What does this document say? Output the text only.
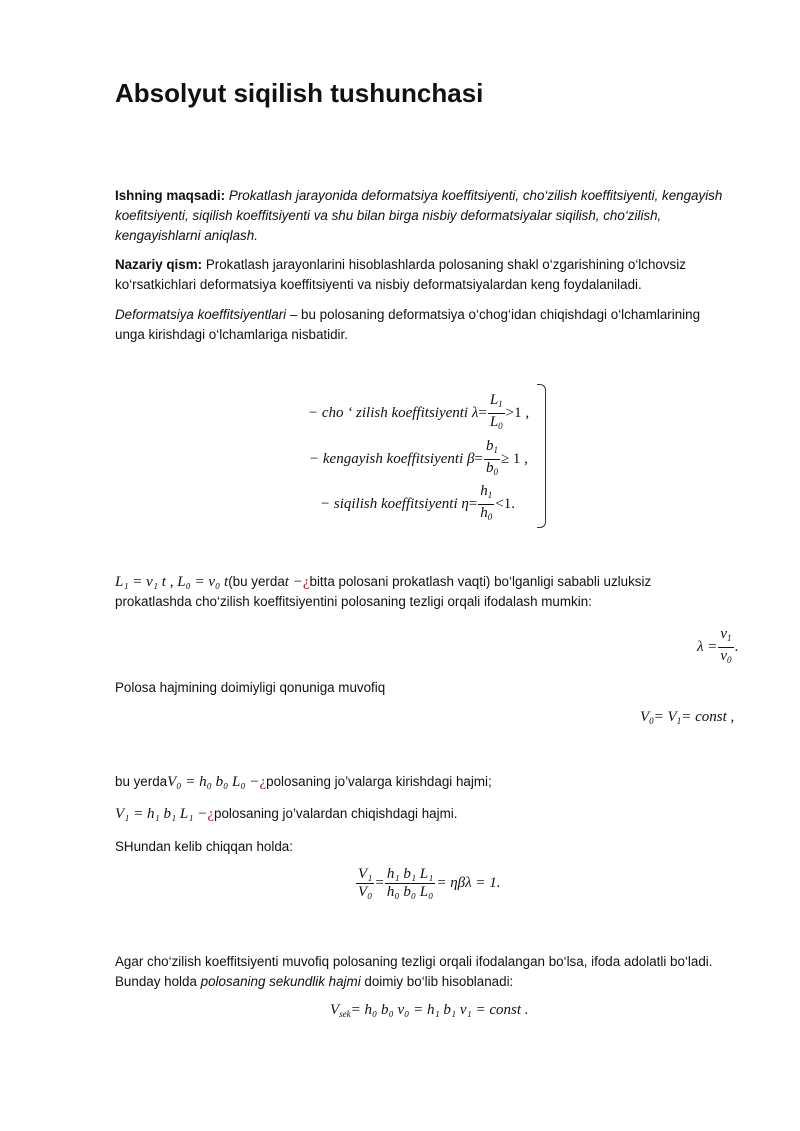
Absolyut siqilish tushunchasi
Ishning maqsadi: Prokatlash jarayonida deformatsiya koeffitsiyenti, cho‘zilish koeffitsiyenti, kengayish koefitsiyenti, siqilish koeffitsiyenti va shu bilan birga nisbiy deformatsiyalar siqilish, cho‘zilish, kengayishlarni aniqlash.
Nazariy qism: Prokatlash jarayonlarini hisoblashlarda polosaning shakl o‘zgarishining o‘lchovsiz ko‘rsatkichlari deformatsiya koeffitsiyenti va nisbiy deformatsiyalardan keng foydalaniladi.
Deformatsiya koeffitsiyentlari – bu polosaning deformatsiya o‘chog‘idan chiqishdagi o‘lchamlarining unga kirishdagi o‘lchamlariga nisbatidir.
− cho ‘ zilish koeffitsiyenti $\lambda= \frac{L_1}{L_0} >1$ ,
− kengayish koeffitsiyenti $\beta= \frac{b_1}{b_0} \ge 1$ ,
− siqilish koeffitsiyenti $\eta= \frac{h_1}{h_0} <1$.
L₁ = v₁ t , L₀ = v₀ t(bu yerdat −¿bitta polosani prokatlash vaqti) bo‘lganligi sababli uzluksiz prokatlashda cho‘zilish koeffitsiyentini polosaning tezligi orqali ifodalash mumkin:
$\lambda = \frac{v_1}{v_0}$ .
Polosa hajmining doimiyligi qonuniga muvofiq
$V_0= V_1=$ const ,
bu yerdaV₀ = h₀ b₀ L₀ −¿polosaning jo’valarga kirishdagi hajmi;
V₁ = h₁ b₁ L₁ −¿polosaning jo’valardan chiqishdagi hajmi.
SHundan kelib chiqqan holda:
$\frac{\text{V₁}}{\text{V₀}} = \frac{\text{h₁ b₁ L₁}}{\text{h₀ b₀ L₀}} = \eta\beta\lambda = 1$.
Agar cho‘zilish koeffitsiyenti muvofiq polosaning tezligi orqali ifodalangan bo‘lsa, ifoda adolatli bo‘ladi. Bunday holda polosaning sekundlik hajmi doimiy bo‘lib hisoblanadi:
$V_{sek}= h_0$ b₀ v₀ = h₁ b₁ v₁ = const .
